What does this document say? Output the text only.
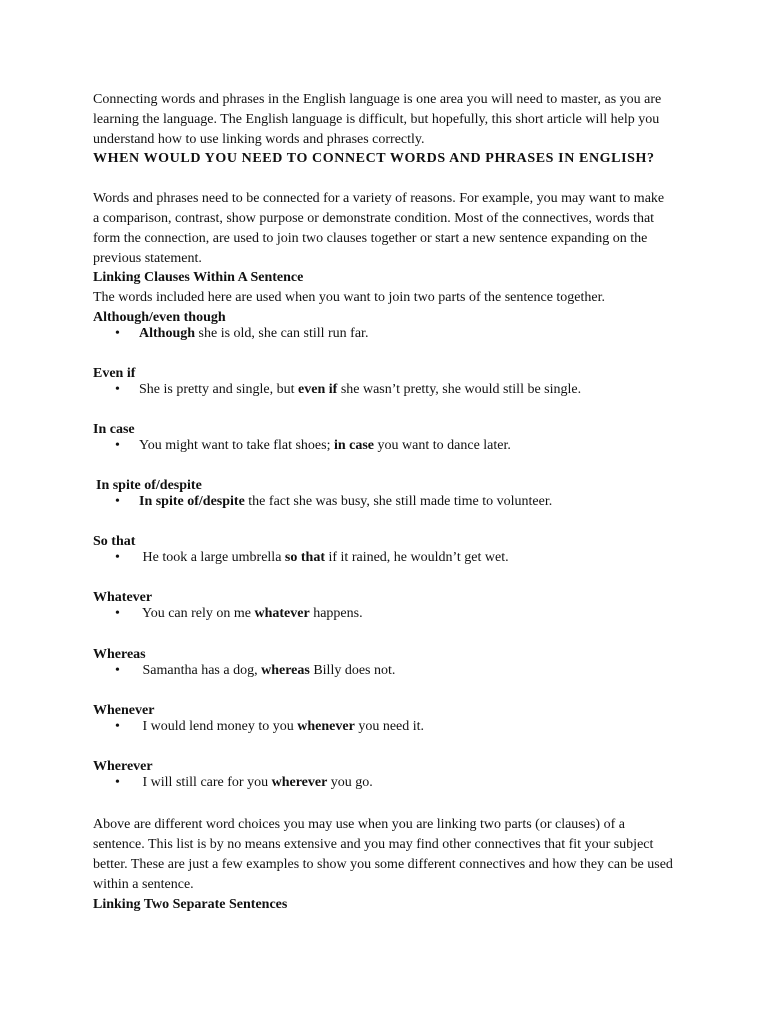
Connecting words and phrases in the English language is one area you will need to master, as you are learning the language. The English language is difficult, but hopefully, this short article will help you understand how to use linking words and phrases correctly.

WHEN WOULD YOU NEED TO CONNECT WORDS AND PHRASES IN ENGLISH?

Words and phrases need to be connected for a variety of reasons. For example, you may want to make a comparison, contrast, show purpose or demonstrate condition. Most of the connectives, words that form the connection, are used to join two clauses together or start a new sentence expanding on the previous statement.

Linking Clauses Within A Sentence

The words included here are used when you want to join two parts of the sentence together.

Although/even though

• Although she is old, she can still run far.

Even if

• She is pretty and single, but even if she wasn’t pretty, she would still be single.

In case

• You might want to take flat shoes; in case you want to dance later.

In spite of/despite

• In spite of/despite the fact she was busy, she still made time to volunteer.

So that

• He took a large umbrella so that if it rained, he wouldn’t get wet.

Whatever

• You can rely on me whatever happens.

Whereas

• Samantha has a dog, whereas Billy does not.

Whenever

• I would lend money to you whenever you need it.

Wherever

• I will still care for you wherever you go.

Above are different word choices you may use when you are linking two parts (or clauses) of a sentence. This list is by no means extensive and you may find other connectives that fit your subject better. These are just a few examples to show you some different connectives and how they can be used within a sentence.

Linking Two Separate Sentences
